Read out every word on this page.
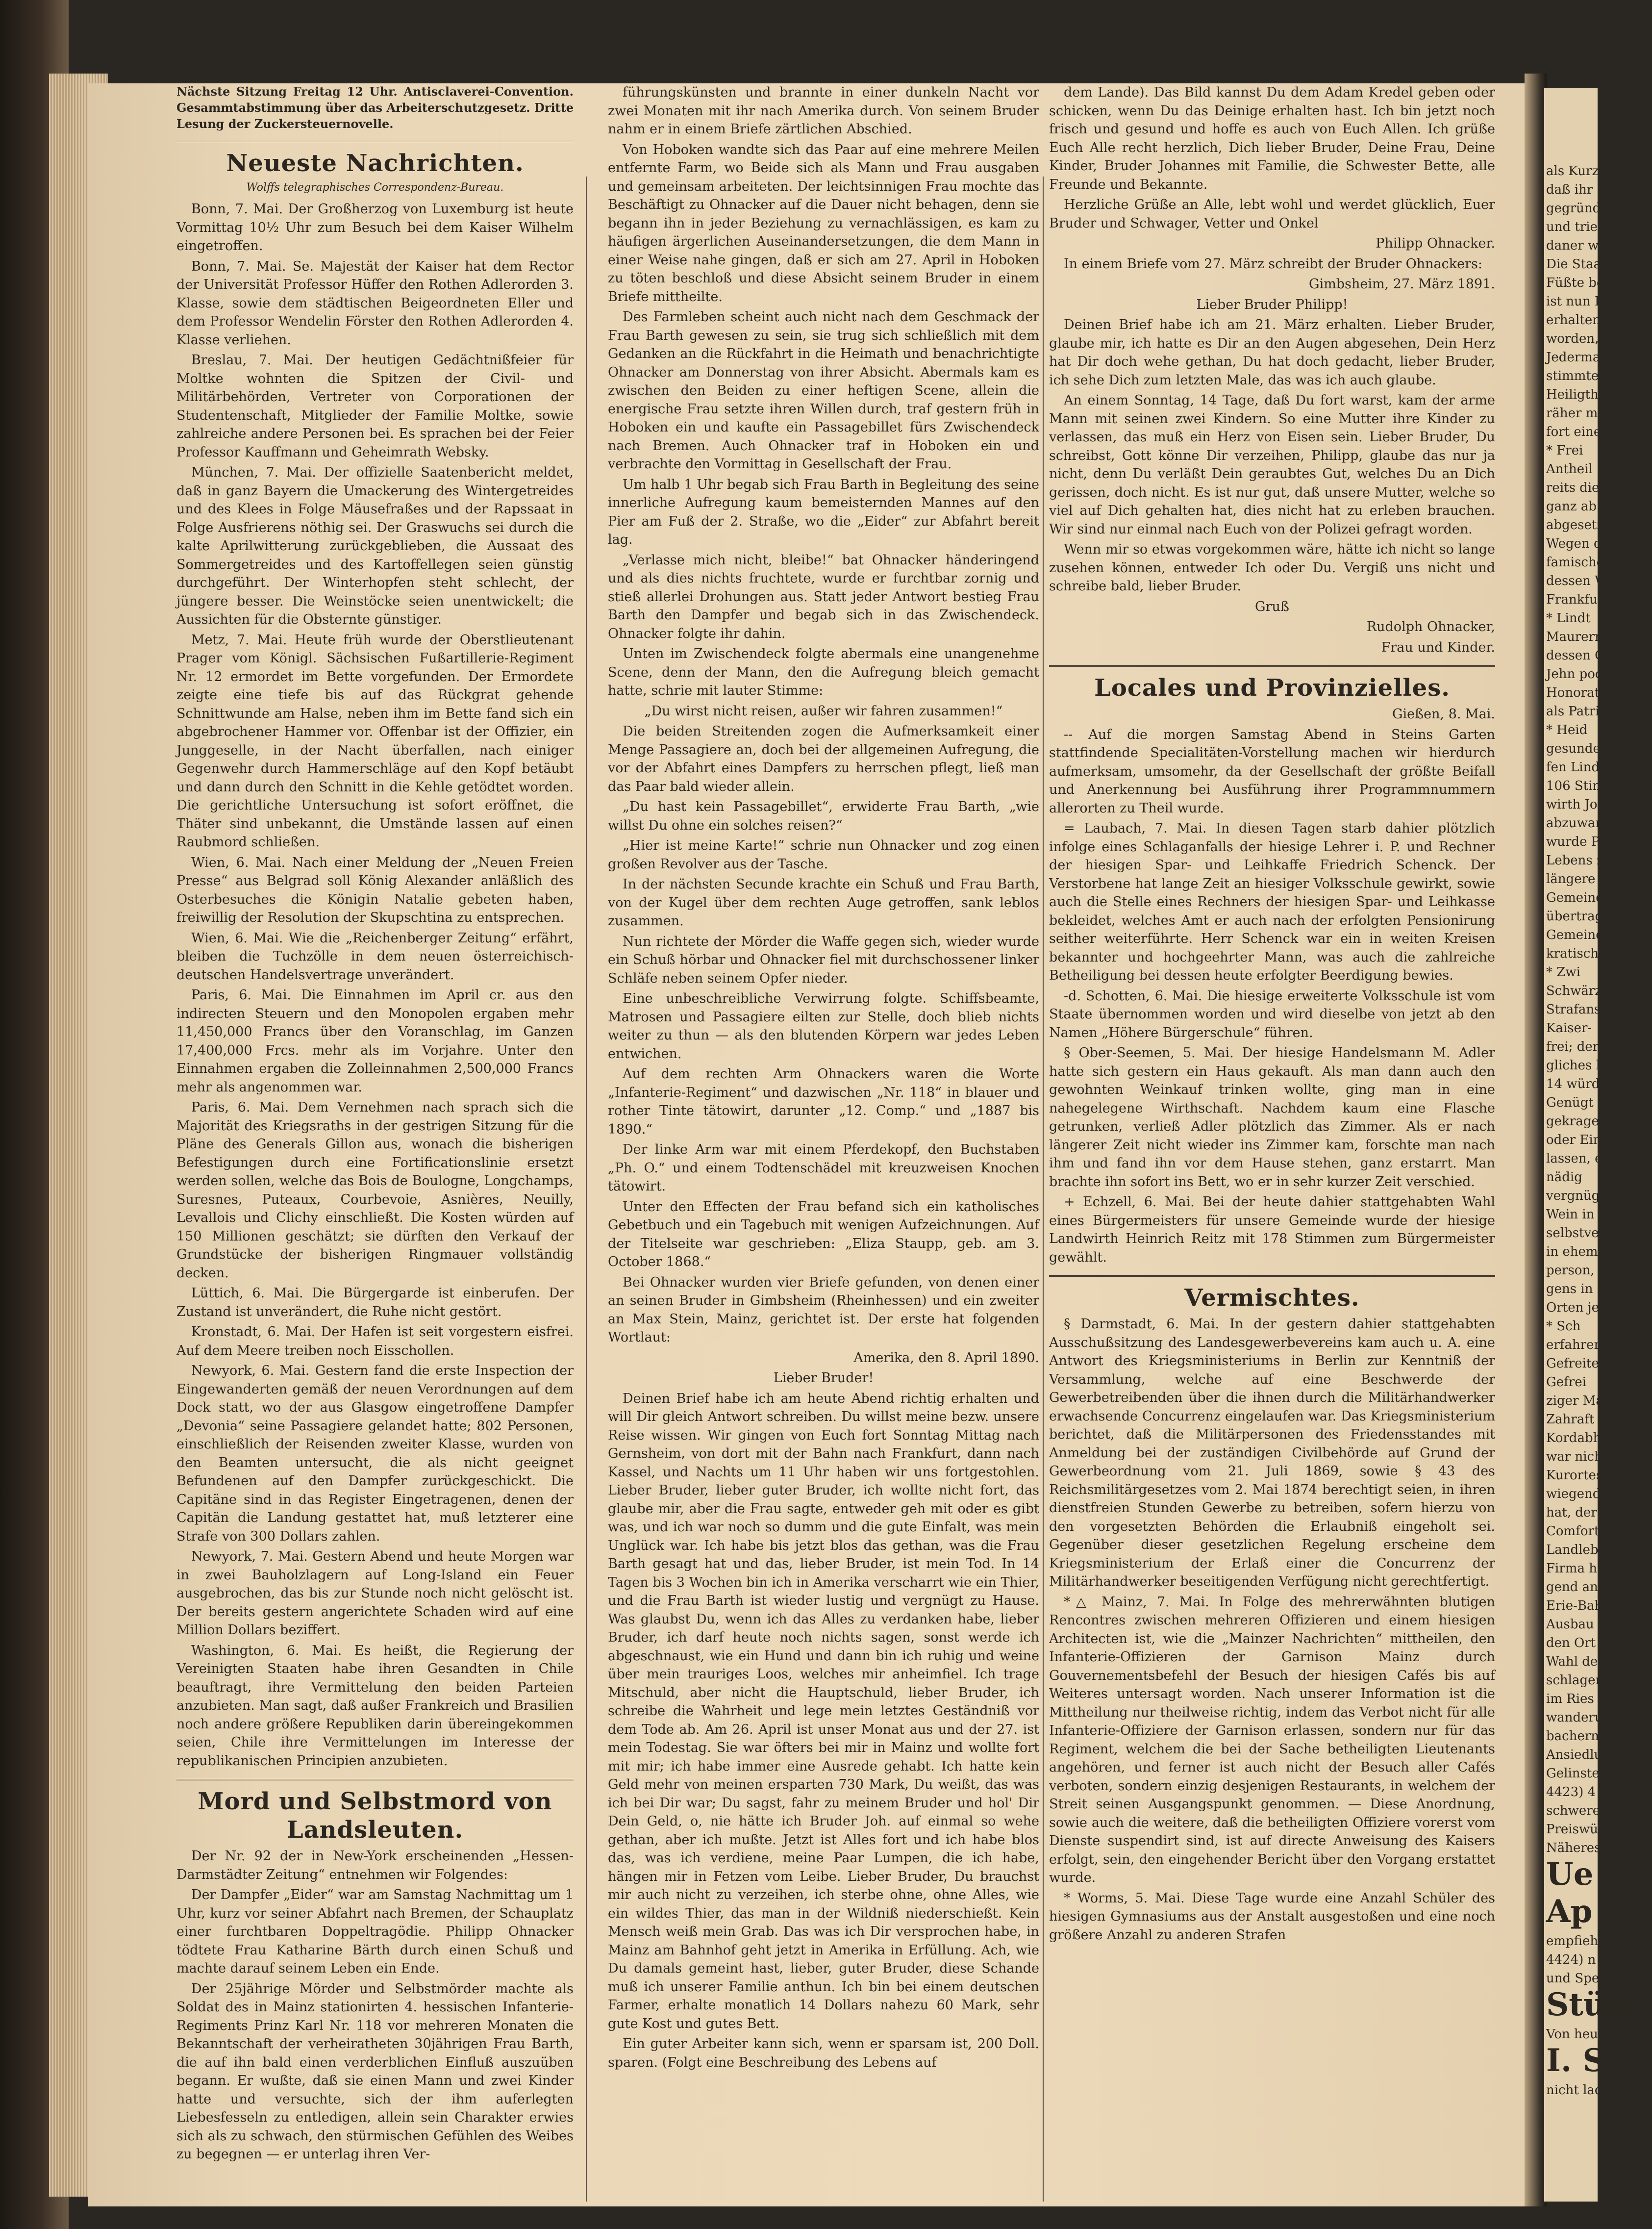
als Kurzer
daß ihr Brennen
gegründet be
und trieben
daner war
Die Staats
Füßte beim
ist nun R.
erhalten m
worden, u
Jedermann
stimmtes
Heiligthum
räher m
fort eines
* Frei
Antheil
reits die
ganz ab
abgesetzt
Wegen des
famischen
dessen Wed
Frankfurt
* Lindt
Maurermeist
dessen Ge
Jehn poch
Honoration
als Patri
* Heid
gesundener
fen Lindte
106 Stim
wirth Joh
abzuwarte
wurde Pl
Lebens z
längere Z
Gemeinde
übertragen
Gemeinde,
kratisches
* Zwi
Schwärz
Strafanstal
Kaiser-
frei; der
gliches bei
14 würde
Genügt der
gekragen
oder Ein
lassen, es
nädig
vergnügt
Wein in
selbstverst
in ehemal
person, f
gens in
Orten je
* Sch
erfahren,
Gefreiter
Gefrei
ziger Mark
Zahraft
Kordabhar
war nicht
Kurortes
wiegender
hat, der
Comfort,
Landleben
Firma h
gend an
Erie-Bahn
Ausbau
den Ort
Wahl de
schlagen
im Ries
wanderung
bachernes
Ansiedlung
Gelinstein,
4423) 4 S
schwere Do
Preiswürd
Näheres b
Ue
Ap
empfiehlt
4424) n
und Spen
Stüd
Von heute
I. S
nicht laden

Nächste Sitzung Freitag 12 Uhr. Antisclaverei-Convention. Gesammtabstimmung über das Arbeiterschutzgesetz. Dritte Lesung der Zuckersteuernovelle.

Neueste Nachrichten.
Wolffs telegraphisches Correspondenz-Bureau.

Bonn, 7. Mai. Der Großherzog von Luxemburg ist heute Vormittag 10½ Uhr zum Besuch bei dem Kaiser Wilhelm eingetroffen.

Bonn, 7. Mai. Se. Majestät der Kaiser hat dem Rector der Universität Professor Hüffer den Rothen Adlerorden 3. Klasse, sowie dem städtischen Beigeordneten Eller und dem Professor Wendelin Förster den Rothen Adlerorden 4. Klasse verliehen.

Breslau, 7. Mai. Der heutigen Gedächtnißfeier für Moltke wohnten die Spitzen der Civil- und Militärbehörden, Vertreter von Corporationen der Studentenschaft, Mitglieder der Familie Moltke, sowie zahlreiche andere Personen bei. Es sprachen bei der Feier Professor Kauffmann und Geheimrath Websky.

München, 7. Mai. Der offizielle Saatenbericht meldet, daß in ganz Bayern die Umackerung des Wintergetreides und des Klees in Folge Mäusefraßes und der Rapssaat in Folge Ausfrierens nöthig sei. Der Graswuchs sei durch die kalte Aprilwitterung zurückgeblieben, die Aussaat des Sommergetreides und des Kartoffellegen seien günstig durchgeführt. Der Winterhopfen steht schlecht, der jüngere besser. Die Weinstöcke seien unentwickelt; die Aussichten für die Obsternte günstiger.

Metz, 7. Mai. Heute früh wurde der Oberstlieutenant Prager vom Königl. Sächsischen Fußartillerie-Regiment Nr. 12 ermordet im Bette vorgefunden. Der Ermordete zeigte eine tiefe bis auf das Rückgrat gehende Schnittwunde am Halse, neben ihm im Bette fand sich ein abgebrochener Hammer vor. Offenbar ist der Offizier, ein Junggeselle, in der Nacht überfallen, nach einiger Gegenwehr durch Hammerschläge auf den Kopf betäubt und dann durch den Schnitt in die Kehle getödtet worden. Die gerichtliche Untersuchung ist sofort eröffnet, die Thäter sind unbekannt, die Umstände lassen auf einen Raubmord schließen.

Wien, 6. Mai. Nach einer Meldung der „Neuen Freien Presse“ aus Belgrad soll König Alexander anläßlich des Osterbesuches die Königin Natalie gebeten haben, freiwillig der Resolution der Skupschtina zu entsprechen.

Wien, 6. Mai. Wie die „Reichenberger Zeitung“ erfährt, bleiben die Tuchzölle in dem neuen österreichisch-deutschen Handelsvertrage unverändert.

Paris, 6. Mai. Die Einnahmen im April cr. aus den indirecten Steuern und den Monopolen ergaben mehr 11,450,000 Francs über den Voranschlag, im Ganzen 17,400,000 Frcs. mehr als im Vorjahre. Unter den Einnahmen ergaben die Zolleinnahmen 2,500,000 Francs mehr als angenommen war.

Paris, 6. Mai. Dem Vernehmen nach sprach sich die Majorität des Kriegsraths in der gestrigen Sitzung für die Pläne des Generals Gillon aus, wonach die bisherigen Befestigungen durch eine Fortificationslinie ersetzt werden sollen, welche das Bois de Boulogne, Longchamps, Suresnes, Puteaux, Courbevoie, Asnières, Neuilly, Levallois und Clichy einschließt. Die Kosten würden auf 150 Millionen geschätzt; sie dürften den Verkauf der Grundstücke der bisherigen Ringmauer vollständig decken.

Lüttich, 6. Mai. Die Bürgergarde ist einberufen. Der Zustand ist unverändert, die Ruhe nicht gestört.

Kronstadt, 6. Mai. Der Hafen ist seit vorgestern eisfrei. Auf dem Meere treiben noch Eisschollen.

Newyork, 6. Mai. Gestern fand die erste Inspection der Eingewanderten gemäß der neuen Verordnungen auf dem Dock statt, wo der aus Glasgow eingetroffene Dampfer „Devonia“ seine Passagiere gelandet hatte; 802 Personen, einschließlich der Reisenden zweiter Klasse, wurden von den Beamten untersucht, die als nicht geeignet Befundenen auf den Dampfer zurückgeschickt. Die Capitäne sind in das Register Eingetragenen, denen der Capitän die Landung gestattet hat, muß letzterer eine Strafe von 300 Dollars zahlen.

Newyork, 7. Mai. Gestern Abend und heute Morgen war in zwei Bauholzlagern auf Long-Island ein Feuer ausgebrochen, das bis zur Stunde noch nicht gelöscht ist. Der bereits gestern angerichtete Schaden wird auf eine Million Dollars beziffert.

Washington, 6. Mai. Es heißt, die Regierung der Vereinigten Staaten habe ihren Gesandten in Chile beauftragt, ihre Vermittelung den beiden Parteien anzubieten. Man sagt, daß außer Frankreich und Brasilien noch andere größere Republiken darin übereingekommen seien, Chile ihre Vermittelungen im Interesse der republikanischen Principien anzubieten.

Mord und Selbstmord von Landsleuten.

Der Nr. 92 der in New-York erscheinenden „Hessen-Darmstädter Zeitung“ entnehmen wir Folgendes:

Der Dampfer „Eider“ war am Samstag Nachmittag um 1 Uhr, kurz vor seiner Abfahrt nach Bremen, der Schauplatz einer furchtbaren Doppeltragödie. Philipp Ohnacker tödtete Frau Katharine Bärth durch einen Schuß und machte darauf seinem Leben ein Ende.

Der 25jährige Mörder und Selbstmörder machte als Soldat des in Mainz stationirten 4. hessischen Infanterie-Regiments Prinz Karl Nr. 118 vor mehreren Monaten die Bekanntschaft der verheiratheten 30jährigen Frau Barth, die auf ihn bald einen verderblichen Einfluß auszuüben begann. Er wußte, daß sie einen Mann und zwei Kinder hatte und versuchte, sich der ihm auferlegten Liebesfesseln zu entledigen, allein sein Charakter erwies sich als zu schwach, den stürmischen Gefühlen des Weibes zu begegnen — er unterlag ihren Ver-

führungskünsten und brannte in einer dunkeln Nacht vor zwei Monaten mit ihr nach Amerika durch. Von seinem Bruder nahm er in einem Briefe zärtlichen Abschied.

Von Hoboken wandte sich das Paar auf eine mehrere Meilen entfernte Farm, wo Beide sich als Mann und Frau ausgaben und gemeinsam arbeiteten. Der leichtsinnigen Frau mochte das Beschäftigt zu Ohnacker auf die Dauer nicht behagen, denn sie begann ihn in jeder Beziehung zu vernachlässigen, es kam zu häufigen ärgerlichen Auseinandersetzungen, die dem Mann in einer Weise nahe gingen, daß er sich am 27. April in Hoboken zu töten beschloß und diese Absicht seinem Bruder in einem Briefe mittheilte.

Des Farmleben scheint auch nicht nach dem Geschmack der Frau Barth gewesen zu sein, sie trug sich schließlich mit dem Gedanken an die Rückfahrt in die Heimath und benachrichtigte Ohnacker am Donnerstag von ihrer Absicht. Abermals kam es zwischen den Beiden zu einer heftigen Scene, allein die energische Frau setzte ihren Willen durch, traf gestern früh in Hoboken ein und kaufte ein Passagebillet fürs Zwischendeck nach Bremen. Auch Ohnacker traf in Hoboken ein und verbrachte den Vormittag in Gesellschaft der Frau.

Um halb 1 Uhr begab sich Frau Barth in Begleitung des seine innerliche Aufregung kaum bemeisternden Mannes auf den Pier am Fuß der 2. Straße, wo die „Eider“ zur Abfahrt bereit lag.

„Verlasse mich nicht, bleibe!“ bat Ohnacker händeringend und als dies nichts fruchtete, wurde er furchtbar zornig und stieß allerlei Drohungen aus. Statt jeder Antwort bestieg Frau Barth den Dampfer und begab sich in das Zwischendeck. Ohnacker folgte ihr dahin.

Unten im Zwischendeck folgte abermals eine unangenehme Scene, denn der Mann, den die Aufregung bleich gemacht hatte, schrie mit lauter Stimme:

„Du wirst nicht reisen, außer wir fahren zusammen!“

Die beiden Streitenden zogen die Aufmerksamkeit einer Menge Passagiere an, doch bei der allgemeinen Aufregung, die vor der Abfahrt eines Dampfers zu herrschen pflegt, ließ man das Paar bald wieder allein.

„Du hast kein Passagebillet“, erwiderte Frau Barth, „wie willst Du ohne ein solches reisen?“

„Hier ist meine Karte!“ schrie nun Ohnacker und zog einen großen Revolver aus der Tasche.

In der nächsten Secunde krachte ein Schuß und Frau Barth, von der Kugel über dem rechten Auge getroffen, sank leblos zusammen.

Nun richtete der Mörder die Waffe gegen sich, wieder wurde ein Schuß hörbar und Ohnacker fiel mit durchschossener linker Schläfe neben seinem Opfer nieder.

Eine unbeschreibliche Verwirrung folgte. Schiffsbeamte, Matrosen und Passagiere eilten zur Stelle, doch blieb nichts weiter zu thun — als den blutenden Körpern war jedes Leben entwichen.

Auf dem rechten Arm Ohnackers waren die Worte „Infanterie-Regiment“ und dazwischen „Nr. 118“ in blauer und rother Tinte tätowirt, darunter „12. Comp.“ und „1887 bis 1890.“

Der linke Arm war mit einem Pferdekopf, den Buchstaben „Ph. O.“ und einem Todtenschädel mit kreuzweisen Knochen tätowirt.

Unter den Effecten der Frau befand sich ein katholisches Gebetbuch und ein Tagebuch mit wenigen Aufzeichnungen. Auf der Titelseite war geschrieben: „Eliza Staupp, geb. am 3. October 1868.“

Bei Ohnacker wurden vier Briefe gefunden, von denen einer an seinen Bruder in Gimbsheim (Rheinhessen) und ein zweiter an Max Stein, Mainz, gerichtet ist. Der erste hat folgenden Wortlaut:

Amerika, den 8. April 1890.

Lieber Bruder!

Deinen Brief habe ich am heute Abend richtig erhalten und will Dir gleich Antwort schreiben. Du willst meine bezw. unsere Reise wissen. Wir gingen von Euch fort Sonntag Mittag nach Gernsheim, von dort mit der Bahn nach Frankfurt, dann nach Kassel, und Nachts um 11 Uhr haben wir uns fortgestohlen. Lieber Bruder, lieber guter Bruder, ich wollte nicht fort, das glaube mir, aber die Frau sagte, entweder geh mit oder es gibt was, und ich war noch so dumm und die gute Einfalt, was mein Unglück war. Ich habe bis jetzt blos das gethan, was die Frau Barth gesagt hat und das, lieber Bruder, ist mein Tod. In 14 Tagen bis 3 Wochen bin ich in Amerika verscharrt wie ein Thier, und die Frau Barth ist wieder lustig und vergnügt zu Hause. Was glaubst Du, wenn ich das Alles zu verdanken habe, lieber Bruder, ich darf heute noch nichts sagen, sonst werde ich abgeschnaust, wie ein Hund und dann bin ich ruhig und weine über mein trauriges Loos, welches mir anheimfiel. Ich trage Mitschuld, aber nicht die Hauptschuld, lieber Bruder, ich schreibe die Wahrheit und lege mein letztes Geständniß vor dem Tode ab. Am 26. April ist unser Monat aus und der 27. ist mein Todestag. Sie war öfters bei mir in Mainz und wollte fort mit mir; ich habe immer eine Ausrede gehabt. Ich hatte kein Geld mehr von meinen ersparten 730 Mark, Du weißt, das was ich bei Dir war; Du sagst, fahr zu meinem Bruder und hol' Dir Dein Geld, o, nie hätte ich Bruder Joh. auf einmal so wehe gethan, aber ich mußte. Jetzt ist Alles fort und ich habe blos das, was ich verdiene, meine Paar Lumpen, die ich habe, hängen mir in Fetzen vom Leibe. Lieber Bruder, Du brauchst mir auch nicht zu verzeihen, ich sterbe ohne, ohne Alles, wie ein wildes Thier, das man in der Wildniß niederschießt. Kein Mensch weiß mein Grab. Das was ich Dir versprochen habe, in Mainz am Bahnhof geht jetzt in Amerika in Erfüllung. Ach, wie Du damals gemeint hast, lieber, guter Bruder, diese Schande muß ich unserer Familie anthun. Ich bin bei einem deutschen Farmer, erhalte monatlich 14 Dollars nahezu 60 Mark, sehr gute Kost und gutes Bett.

Ein guter Arbeiter kann sich, wenn er sparsam ist, 200 Doll. sparen. (Folgt eine Beschreibung des Lebens auf

dem Lande). Das Bild kannst Du dem Adam Kredel geben oder schicken, wenn Du das Deinige erhalten hast. Ich bin jetzt noch frisch und gesund und hoffe es auch von Euch Allen. Ich grüße Euch Alle recht herzlich, Dich lieber Bruder, Deine Frau, Deine Kinder, Bruder Johannes mit Familie, die Schwester Bette, alle Freunde und Bekannte.

Herzliche Grüße an Alle, lebt wohl und werdet glücklich, Euer Bruder und Schwager, Vetter und Onkel

Philipp Ohnacker.

In einem Briefe vom 27. März schreibt der Bruder Ohnackers:

Gimbsheim, 27. März 1891.

Lieber Bruder Philipp!

Deinen Brief habe ich am 21. März erhalten. Lieber Bruder, glaube mir, ich hatte es Dir an den Augen abgesehen, Dein Herz hat Dir doch wehe gethan, Du hat doch gedacht, lieber Bruder, ich sehe Dich zum letzten Male, das was ich auch glaube.

An einem Sonntag, 14 Tage, daß Du fort warst, kam der arme Mann mit seinen zwei Kindern. So eine Mutter ihre Kinder zu verlassen, das muß ein Herz von Eisen sein. Lieber Bruder, Du schreibst, Gott könne Dir verzeihen, Philipp, glaube das nur ja nicht, denn Du verläßt Dein geraubtes Gut, welches Du an Dich gerissen, doch nicht. Es ist nur gut, daß unsere Mutter, welche so viel auf Dich gehalten hat, dies nicht hat zu erleben brauchen. Wir sind nur einmal nach Euch von der Polizei gefragt worden.

Wenn mir so etwas vorgekommen wäre, hätte ich nicht so lange zusehen können, entweder Ich oder Du. Vergiß uns nicht und schreibe bald, lieber Bruder.

Gruß

Rudolph Ohnacker,

Frau und Kinder.

Locales und Provinzielles.

Gießen, 8. Mai.

-- Auf die morgen Samstag Abend in Steins Garten stattfindende Specialitäten-Vorstellung machen wir hierdurch aufmerksam, umsomehr, da der Gesellschaft der größte Beifall und Anerkennung bei Ausführung ihrer Programmnummern allerorten zu Theil wurde.

= Laubach, 7. Mai. In diesen Tagen starb dahier plötzlich infolge eines Schlaganfalls der hiesige Lehrer i. P. und Rechner der hiesigen Spar- und Leihkaffe Friedrich Schenck. Der Verstorbene hat lange Zeit an hiesiger Volksschule gewirkt, sowie auch die Stelle eines Rechners der hiesigen Spar- und Leihkasse bekleidet, welches Amt er auch nach der erfolgten Pensionirung seither weiterführte. Herr Schenck war ein in weiten Kreisen bekannter und hochgeehrter Mann, was auch die zahlreiche Betheiligung bei dessen heute erfolgter Beerdigung bewies.

-d. Schotten, 6. Mai. Die hiesige erweiterte Volksschule ist vom Staate übernommen worden und wird dieselbe von jetzt ab den Namen „Höhere Bürgerschule“ führen.

§ Ober-Seemen, 5. Mai. Der hiesige Handelsmann M. Adler hatte sich gestern ein Haus gekauft. Als man dann auch den gewohnten Weinkauf trinken wollte, ging man in eine nahegelegene Wirthschaft. Nachdem kaum eine Flasche getrunken, verließ Adler plötzlich das Zimmer. Als er nach längerer Zeit nicht wieder ins Zimmer kam, forschte man nach ihm und fand ihn vor dem Hause stehen, ganz erstarrt. Man brachte ihn sofort ins Bett, wo er in sehr kurzer Zeit verschied.

+ Echzell, 6. Mai. Bei der heute dahier stattgehabten Wahl eines Bürgermeisters für unsere Gemeinde wurde der hiesige Landwirth Heinrich Reitz mit 178 Stimmen zum Bürgermeister gewählt.

Vermischtes.

§ Darmstadt, 6. Mai. In der gestern dahier stattgehabten Ausschußsitzung des Landesgewerbevereins kam auch u. A. eine Antwort des Kriegsministeriums in Berlin zur Kenntniß der Versammlung, welche auf eine Beschwerde der Gewerbetreibenden über die ihnen durch die Militärhandwerker erwachsende Concurrenz eingelaufen war. Das Kriegsministerium berichtet, daß die Militärpersonen des Friedensstandes mit Anmeldung bei der zuständigen Civilbehörde auf Grund der Gewerbeordnung vom 21. Juli 1869, sowie § 43 des Reichsmilitärgesetzes vom 2. Mai 1874 berechtigt seien, in ihren dienstfreien Stunden Gewerbe zu betreiben, sofern hierzu von den vorgesetzten Behörden die Erlaubniß eingeholt sei. Gegenüber dieser gesetzlichen Regelung erscheine dem Kriegsministerium der Erlaß einer die Concurrenz der Militärhandwerker beseitigenden Verfügung nicht gerechtfertigt.

*△ Mainz, 7. Mai. In Folge des mehrerwähnten blutigen Rencontres zwischen mehreren Offizieren und einem hiesigen Architecten ist, wie die „Mainzer Nachrichten“ mittheilen, den Infanterie-Offizieren der Garnison Mainz durch Gouvernementsbefehl der Besuch der hiesigen Cafés bis auf Weiteres untersagt worden. Nach unserer Information ist die Mittheilung nur theilweise richtig, indem das Verbot nicht für alle Infanterie-Offiziere der Garnison erlassen, sondern nur für das Regiment, welchem die bei der Sache betheiligten Lieutenants angehören, und ferner ist auch nicht der Besuch aller Cafés verboten, sondern einzig desjenigen Restaurants, in welchem der Streit seinen Ausgangspunkt genommen. — Diese Anordnung, sowie auch die weitere, daß die betheiligten Offiziere vorerst vom Dienste suspendirt sind, ist auf directe Anweisung des Kaisers erfolgt, sein, den eingehender Bericht über den Vorgang erstattet wurde.

* Worms, 5. Mai. Diese Tage wurde eine Anzahl Schüler des hiesigen Gymnasiums aus der Anstalt ausgestoßen und eine noch größere Anzahl zu anderen Strafen
